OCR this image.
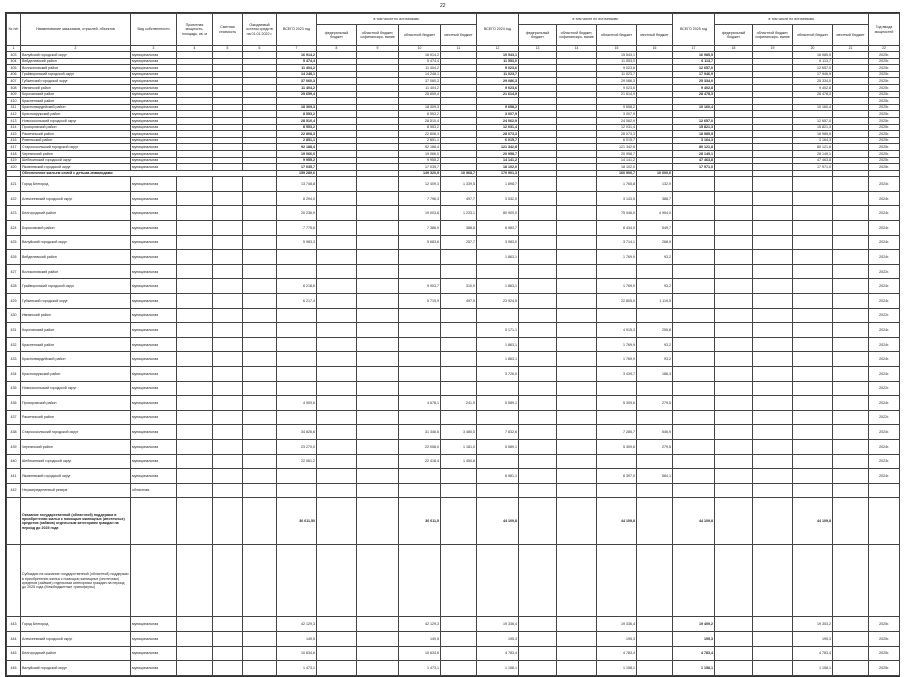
22
№ п/п	Наименование заказчиков, отраслей, объектов	Вид собственности	Проектная мощность, площадь, кв. м	Сметная стоимость	Ожидаемый остаток средств на 01.01.2022 г.	ВСЕГО 2023 год	в том числе по источникам:				ВСЕГО 2024 год	в том числе по источникам:				ВСЕГО 2025 год	в том числе по источникам:				Год ввода мощностей
							федеральный бюджет	областной бюджет, софинансиро- вание	областной бюджет	местный бюджет		федеральный бюджет	областной бюджет, софинансиро- вание	областной бюджет	местный бюджет		федеральный бюджет	областной бюджет, софинансиро- вание	областной бюджет	местный бюджет	
1	2	3	4	5	6	7	8	9	10	11	12	13	14	15	16	17	18	19	20	21	22
403	Валуйский городской округ	муниципальная				16 914,2			16 914,2		15 543,1			15 543,1		16 985,5			16 985,5		2025г.
404	Вейделевский район	муниципальная				5 474,4			5 474,4		11 553,0			11 553,0		6 113,7			6 113,7		2025г.
405	Волоконовский район	муниципальная				11 404,2			11 404,2		9 023,6			9 023,6		12 657,0			12 657,0		2025г.
406	Грайворонский городской округ	муниципальная				14 248,1			14 248,1		11 023,7			11 023,7		17 946,9			17 946,9		2025г.
407	Губкинский городской округ	муниципальная				37 060,3			37 060,3		29 086,3			29 086,3		25 334,0			25 334,0		2025г.
408	Ивнянский район	муниципальная				11 404,2			11 404,2		9 023,6			9 023,6		9 402,8			9 402,8		2025г.
409	Корочанский район	муниципальная				25 659,4			25 659,4		21 614,9			21 614,9		28 478,3			28 478,3		2025г.
410	Красненский район	муниципальная																			2025г.
411	Красногвардейский район	муниципальная				18 309,3			18 309,3		9 658,2			9 658,2		10 160,4			10 160,4		2025г.
412	Краснояружский район	муниципальная				8 553,2			8 553,2		3 007,9			3 007,9							2025г.
413	Новооскольский городской округ	муниципальная				28 510,4			28 510,4		24 062,9			24 062,9		12 657,0			12 657,0		2025г.
414	Прохоровский район	муниципальная				8 553,2			8 553,2		12 031,4			12 031,4		15 821,3			15 821,3		2025г.
415	Ракитянский район	муниципальная				22 808,3			22 808,3		28 073,3			28 073,3		18 985,5			18 985,5		2025г.
416	Ровеньский район	муниципальная				2 851,1			2 851,1		6 015,7			6 015,7		3 164,3			3 164,3		2025г.
417	Старооскольский городской округ	муниципальная				92 188,4			92 188,4		121 342,8			121 342,8		80 121,8			80 121,8		2025г.
418	Чернянский район	муниципальная				19 066,0			19 066,0		20 958,7			20 958,7		28 149,1			28 149,1		2025г.
419	Шебекинский городской округ	муниципальная				9 955,2			9 955,2		14 141,2			14 141,2		47 463,8			47 463,8		2025г.
420	Яковлевский городской округ	муниципальная				17 035,7			17 035,7		18 102,0			18 102,0		17 971,0			17 971,0		2025г.
	Обеспечение жильем семей с детьми-инвалидами					159 289,6			149 320,9	10 968,7	170 901,3			160 900,7	10 000,6						
421	Город Белгород	муниципальная				13 748,8			12 409,3	1 339,5	1 898,7			1 765,8	132,9						2024г.
422	Алексеевский городской округ	муниципальная				8 294,0			7 796,3	497,7	3 532,0			3 143,5	388,7						2024г.
423	Белгородский район	муниципальная				20 236,9			19 003,8	1 233,1	80 900,0			75 946,0	4 954,0						2024г.
424	Борисовский район	муниципальная				7 775,6			7 386,9	388,8	8 983,7			8 434,0	549,7						2024г.
425	Валуйский городской округ	муниципальная				5 983,3			5 683,6	257,7	3 983,0			3 714,1	268,9						2024г.
426	Вейделевский район	муниципальная									1 863,1			1 769,9	93,2						2024г.
427	Волоконовский район	муниципальная																			2022г.
428	Грайворонский городской округ	муниципальная				6 218,6			5 903,7	310,9	1 863,1			1 769,9	93,2						2024г.
429	Губкинский городской округ	муниципальная				6 217,4			5 719,9	497,5	23 924,5			22 805,0	1 119,5						2024г.
430	Ивнянский район	муниципальная																			2022г.
431	Корочанский район	муниципальная									5 171,1			4 915,3	255,8						2024г.
432	Красненский район	муниципальная									1 863,1			1 769,9	93,2						2024г.
433	Красногвардейский район	муниципальная									1 863,1			1 769,9	93,2						2024г.
434	Краснояружский район	муниципальная									3 726,0			3 439,7	186,3						2024г.
435	Новооскольский городской округ	муниципальная																			2022г.
436	Прохоровский район	муниципальная				4 909,6			4 678,1	241,5	5 589,1			5 309,6	279,5						2024г.
437	Ракитянский район	муниципальная																			2022г.
438	Старооскольский городской округ	муниципальная				34 826,6			31 346,6	3 480,0	7 832,6			7 285,7	546,9						2024г.
439	Чернянский район	муниципальная				23 270,0			22 058,0	1 181,0	5 589,1			5 309,6	279,5						2024г.
440	Шебекинский городской округ	муниципальная				22 061,2			22 418,4	1 450,8											2023г.
441	Яковлевский городской округ	муниципальная									8 981,1			8 397,0	584,1						2024г.
442	Нераспределенный резерв	областная																			
	Оказание государственной (областной) поддержки в приобретении жилья с помощью жилищных (ипотечных) кредитов (займов) отдельным категориям граждан на период до 2025 года					30 611,50			30 611,5		44 109,8			44 109,8		44 109,8			44 109,8		
	Субсидии на оказание государственной (областной) поддержки в приобретении жилья с помощью жилищных (ипотечных) кредитов (займов) отдельным категориям граждан на период до 2025 года (Межбюджетные трансферты)																				
443	Город Белгород	муниципальная				42 129,3			42 129,3		19 336,4			19 336,4		19 409,2			19 303,2		2025г.
444	Алексеевский городской округ	муниципальная				149,5			149,5		195,3			195,3		195,3			195,3		2025г.
445	Белгородский район	муниципальная				10 634,6			10 634,6		4 783,4			4 783,4		4 783,4			4 783,4		2025г.
446	Валуйский городской округ	муниципальная				1 473,1			1 473,1		1 158,1			1 158,1		1 158,1			1 158,1		2025г.
